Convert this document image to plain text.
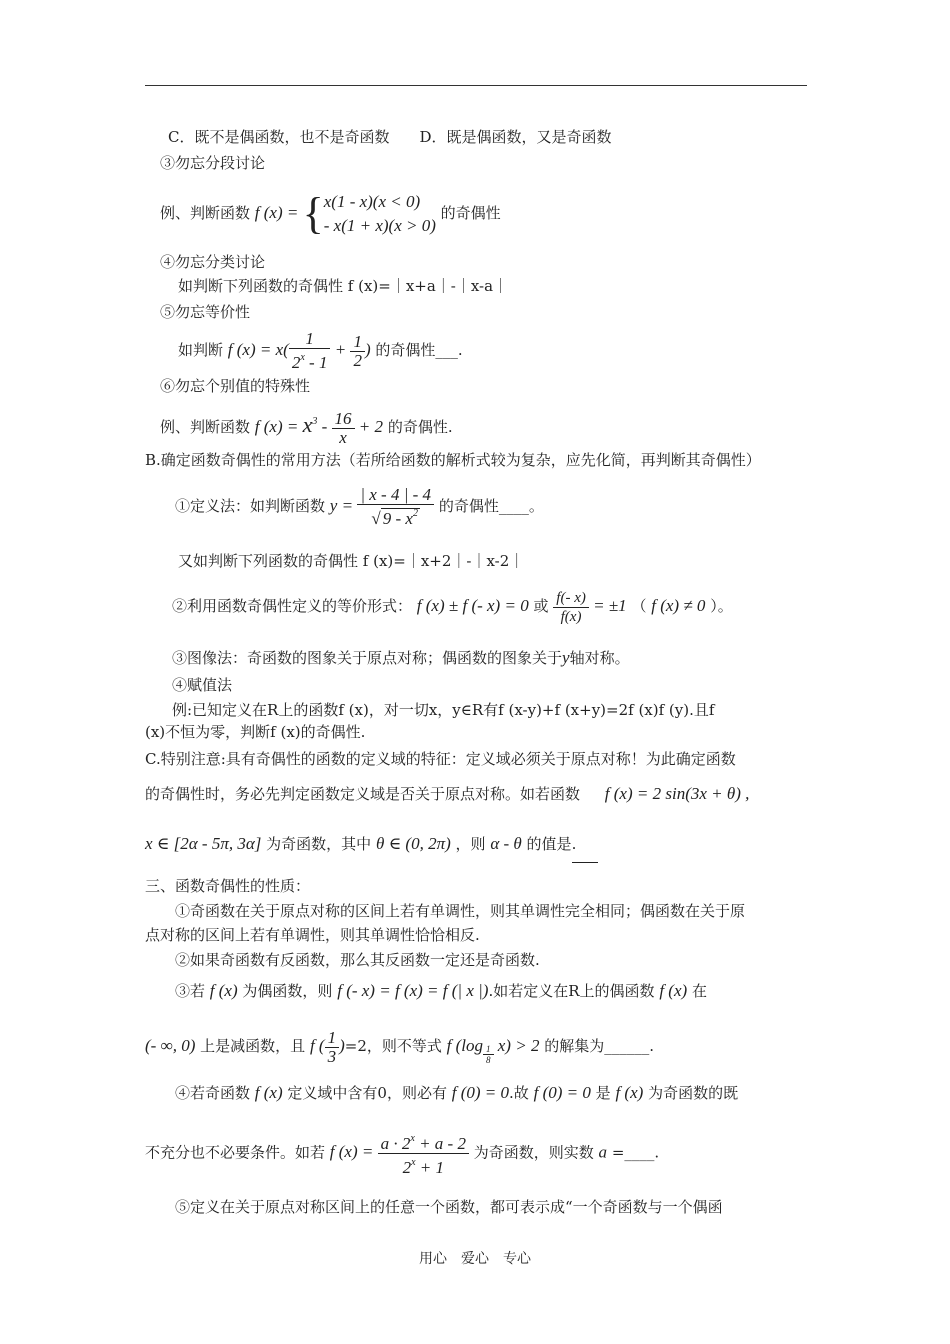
C．既不是偶函数，也不是奇函数　　D．既是偶函数，又是奇函数
③勿忘分段讨论
例、判断函数 f (x) = {x(1 - x)(x < 0)
- x(1 + x)(x > 0) 的奇偶性
④勿忘分类讨论
如判断下列函数的奇偶性 f (x)=｜x+a｜-｜x-a｜
⑤勿忘等价性
如判断 f $(x) = x( \frac{1}{2^x - 1} + \frac{1}{2}$ ) 的奇偶性___.
⑥勿忘个别值的特殊性
例、判断函数 f $(x) = x^3 - \frac{16}{x} + 2$ 的奇偶性.
B.确定函数奇偶性的常用方法（若所给函数的解析式较为复杂，应先化简，再判断其奇偶性）
①定义法：如判断函数 $y = \frac{| x - 4 | - 4}{√ 9 - x^2}$ 的奇偶性____。
又如判断下列函数的奇偶性 f (x)=｜x+2｜-｜x-2｜
②利用函数奇偶性定义的等价形式： f (x) ± f (- x) = 0 或 $\frac{f(- x)}{f(x)} = \pm 1$ （ f (x) ≠ 0 ）。
③图像法：奇函数的图象关于原点对称；偶函数的图象关于y轴对称。
④赋值法
例:已知定义在R上的函数f (x)，对一切x，y∈R有f (x-y)+f (x+y)=2f (x)f (y).且f
(x)不恒为零，判断f (x)的奇偶性.
C.特别注意:具有奇偶性的函数的定义域的特征：定义域必须关于原点对称！为此确定函数
的奇偶性时，务必先判定函数定义域是否关于原点对称。如若函数 f (x) = 2 sin(3x + θ) ,
x ∈ [2α - 5π, 3α] 为奇函数，其中 θ ∈ (0, 2π) ，则 α - θ 的值是.
三、函数奇偶性的性质：
①奇函数在关于原点对称的区间上若有单调性，则其单调性完全相同；偶函数在关于原
点对称的区间上若有单调性，则其单调性恰恰相反.
②如果奇函数有反函数，那么其反函数一定还是奇函数.
③若 f (x) 为偶函数，则 f (- x) = f (x) = f (| x |).如若定义在R上的偶函数 f (x) 在
(- ∞, 0) 上是减函数，且 f ( $\frac{1}{3} )=2$，则不等式 f (log $_{\frac{1}{8}}$ x) > 2 的解集为______.
④若奇函数 f (x) 定义域中含有0，则必有 f (0) = 0.故 f (0) = 0 是 f (x) 为奇函数的既
不充分也不必要条件。如若 f $(x) = \frac{a \cdot 2^x + a - 2}{2^x + 1}$ 为奇函数，则实数 a =____.
⑤定义在关于原点对称区间上的任意一个函数，都可表示成“一个奇函数与一个偶函
用心　爱心　专心
